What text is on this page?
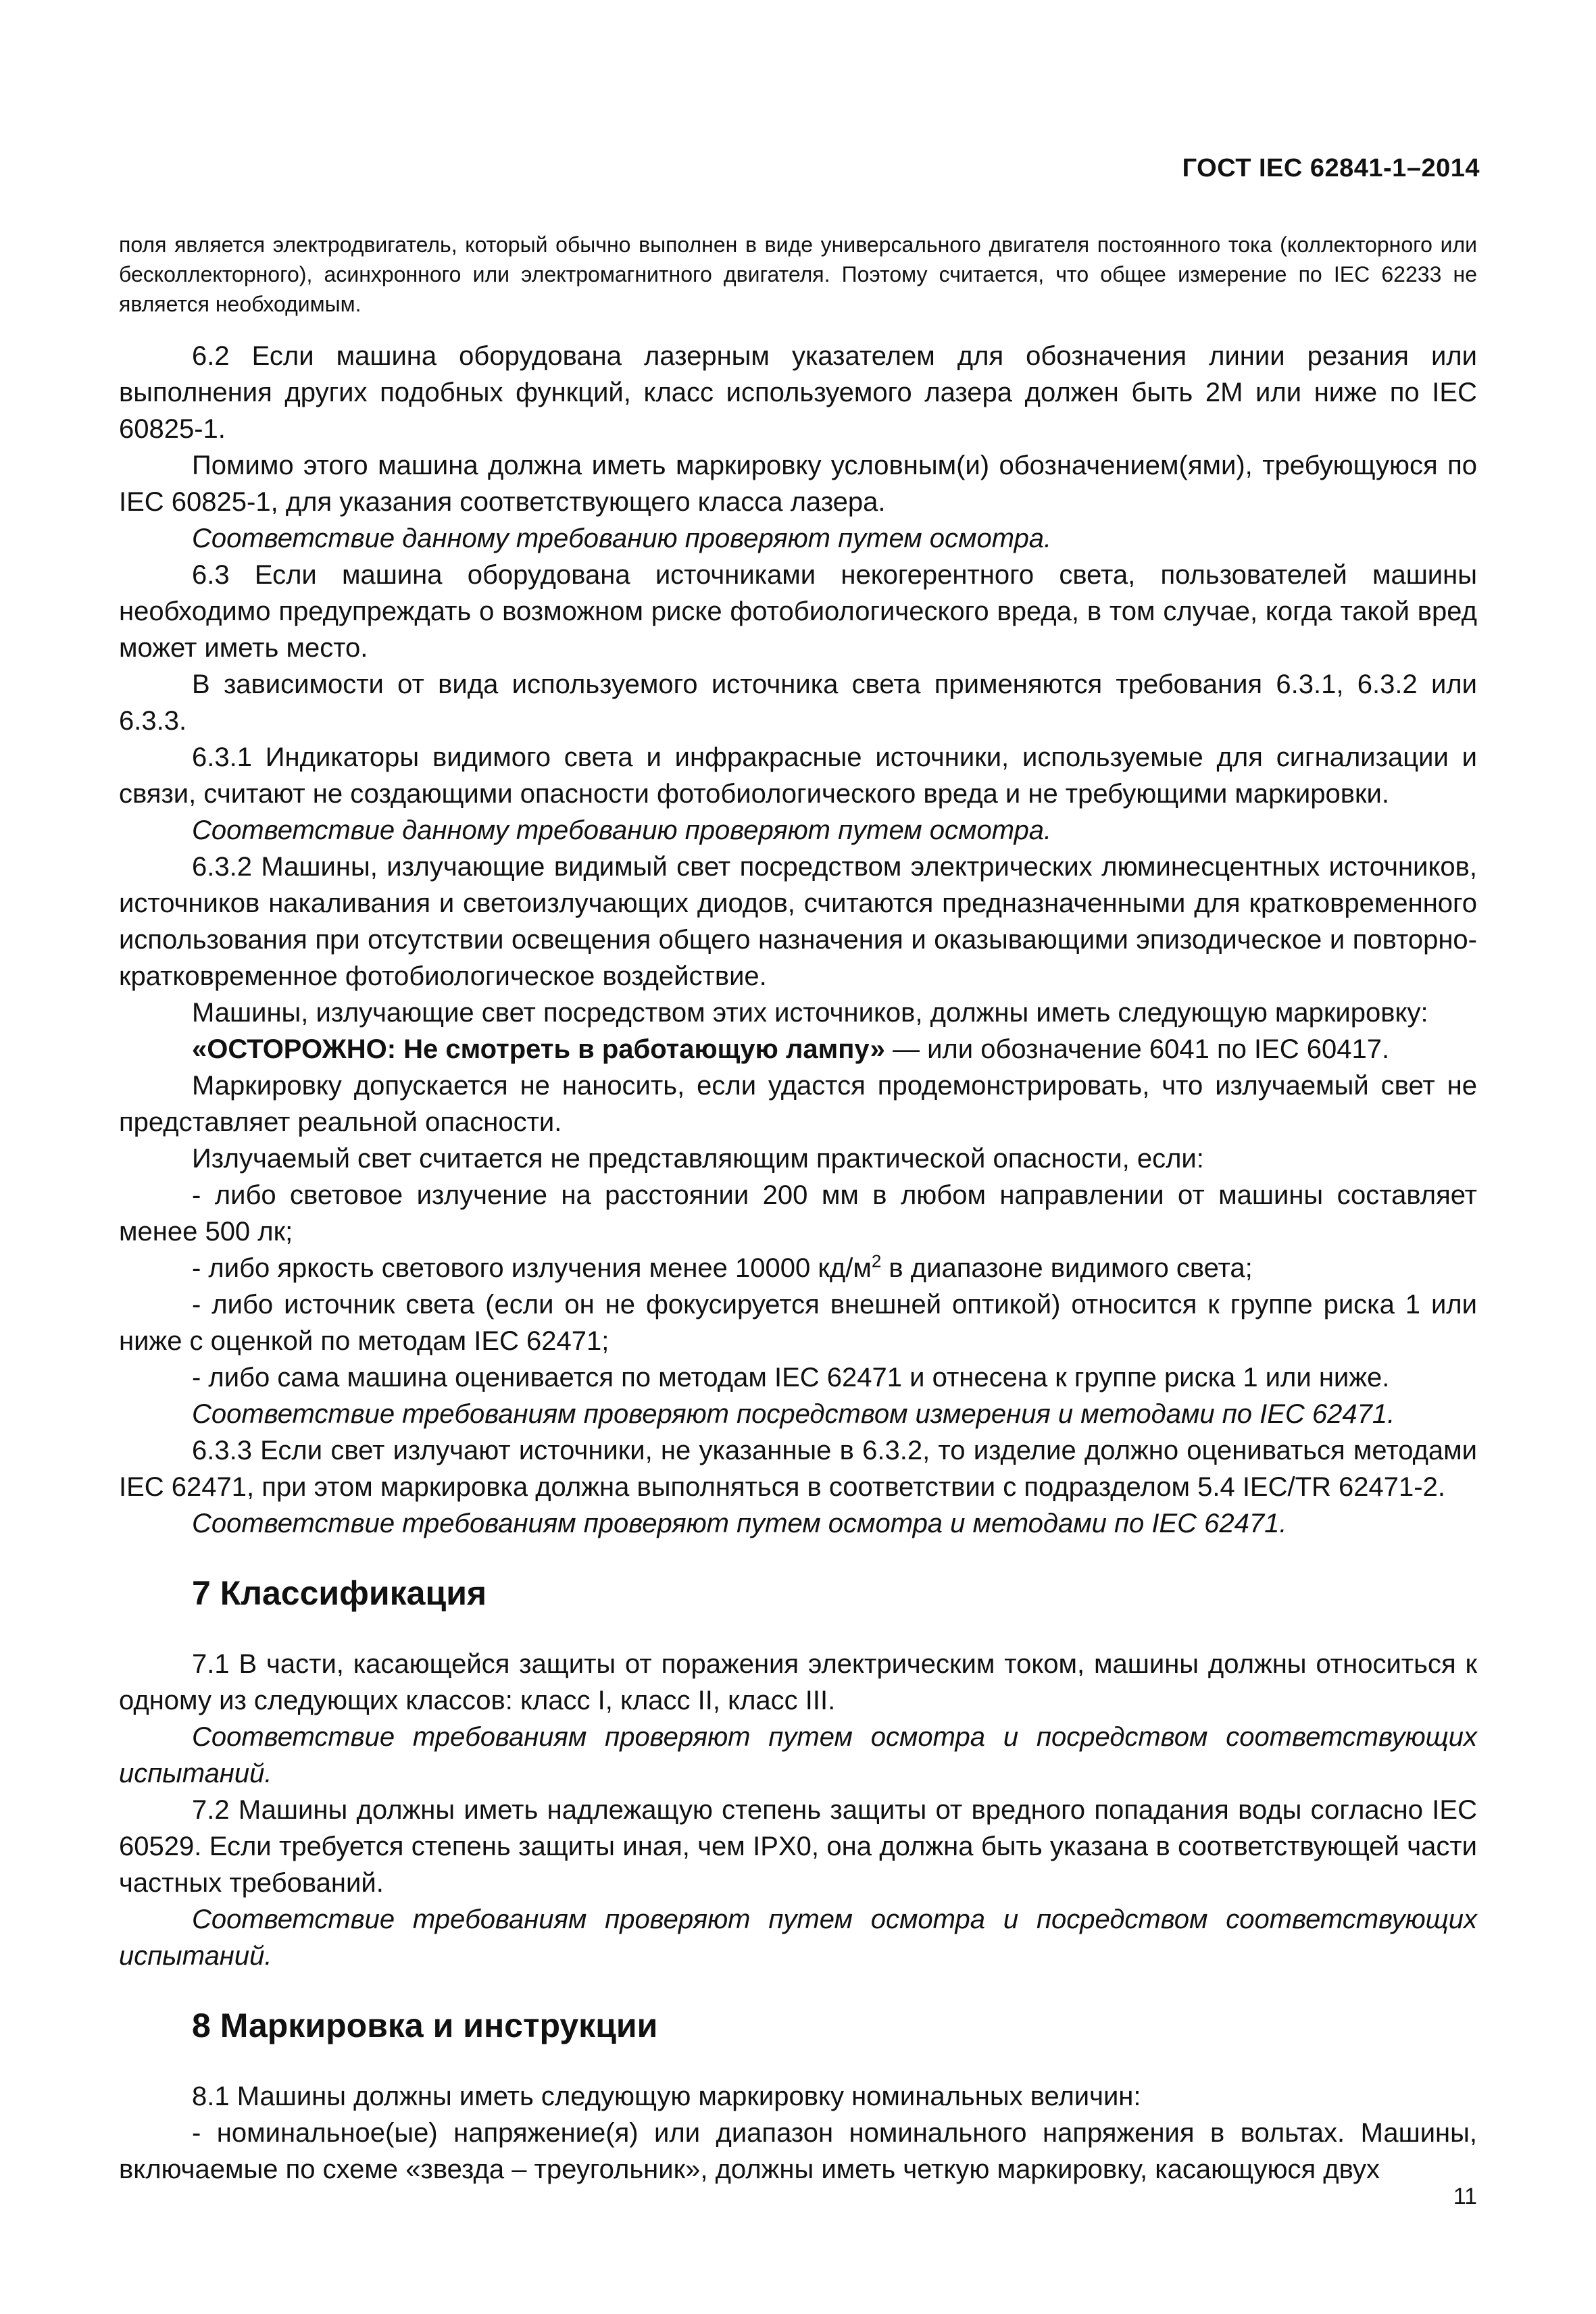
ГОСТ IEC 62841-1–2014

поля является электродвигатель, который обычно выполнен в виде универсального двигателя постоянного тока (коллекторного или бесколлекторного), асинхронного или электромагнитного двигателя. Поэтому считается, что общее измерение по IEC 62233 не является необходимым.

6.2 Если машина оборудована лазерным указателем для обозначения линии резания или выполнения других подобных функций, класс используемого лазера должен быть 2М или ниже по IEC 60825-1.

Помимо этого машина должна иметь маркировку условным(и) обозначением(ями), требующуюся по IEC 60825-1, для указания соответствующего класса лазера.

Соответствие данному требованию проверяют путем осмотра.

6.3 Если машина оборудована источниками некогерентного света, пользователей машины необходимо предупреждать о возможном риске фотобиологического вреда, в том случае, когда такой вред может иметь место.

В зависимости от вида используемого источника света применяются требования 6.3.1, 6.3.2 или 6.3.3.

6.3.1 Индикаторы видимого света и инфракрасные источники, используемые для сигнализации и связи, считают не создающими опасности фотобиологического вреда и не требующими маркировки.

Соответствие данному требованию проверяют путем осмотра.

6.3.2 Машины, излучающие видимый свет посредством электрических люминесцентных источников, источников накаливания и светоизлучающих диодов, считаются предназначенными для кратковременного использования при отсутствии освещения общего назначения и оказывающими эпизодическое и повторно-кратковременное фотобиологическое воздействие.

Машины, излучающие свет посредством этих источников, должны иметь следующую маркировку:

«ОСТОРОЖНО: Не смотреть в работающую лампу» — или обозначение 6041 по IEC 60417.

Маркировку допускается не наносить, если удастся продемонстрировать, что излучаемый свет не представляет реальной опасности.

Излучаемый свет считается не представляющим практической опасности, если:

- либо световое излучение на расстоянии 200 мм в любом направлении от машины составляет менее 500 лк;

- либо яркость светового излучения менее 10000 $кд/м^2$ в диапазоне видимого света;

- либо источник света (если он не фокусируется внешней оптикой) относится к группе риска 1 или ниже с оценкой по методам IEC 62471;

- либо сама машина оценивается по методам IEC 62471 и отнесена к группе риска 1 или ниже.

Соответствие требованиям проверяют посредством измерения и методами по IEC 62471.

6.3.3 Если свет излучают источники, не указанные в 6.3.2, то изделие должно оцениваться методами IEC 62471, при этом маркировка должна выполняться в соответствии с подразделом 5.4 IEC/TR 62471-2.

Соответствие требованиям проверяют путем осмотра и методами по IEC 62471.

7 Классификация

7.1 В части, касающейся защиты от поражения электрическим током, машины должны относиться к одному из следующих классов: класс I, класс II, класс III.

Соответствие требованиям проверяют путем осмотра и посредством соответствующих испытаний.

7.2 Машины должны иметь надлежащую степень защиты от вредного попадания воды согласно IEC 60529. Если требуется степень защиты иная, чем IPX0, она должна быть указана в соответствующей части частных требований.

Соответствие требованиям проверяют путем осмотра и посредством соответствующих испытаний.

8 Маркировка и инструкции

8.1 Машины должны иметь следующую маркировку номинальных величин:

- номинальное(ые) напряжение(я) или диапазон номинального напряжения в вольтах. Машины, включаемые по схеме «звезда – треугольник», должны иметь четкую маркировку, касающуюся двух

11
